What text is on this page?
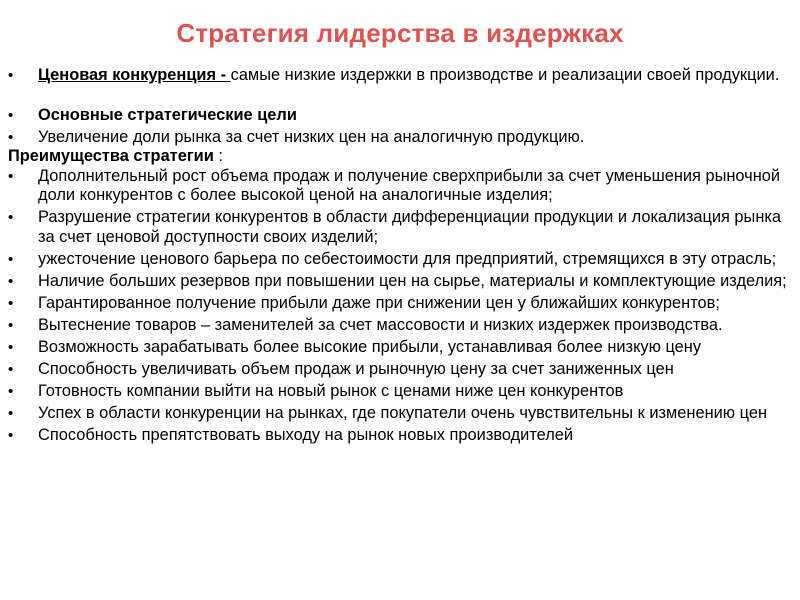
Стратегия лидерства в издержках
•	Ценовая конкуренция - самые низкие издержки в производстве и реализации своей продукции.
•	Основные стратегические цели
•	Увеличение доли рынка за счет низких цен на аналогичную продукцию.
Преимущества стратегии :
•	Дополнительный рост объема продаж и получение сверхприбыли за счет уменьшения рыночной доли конкурентов с более высокой ценой на аналогичные изделия;
•	Разрушение стратегии конкурентов в области дифференциации продукции и локализация рынка за счет ценовой доступности своих изделий;
•	ужесточение ценового барьера по себестоимости для предприятий, стремящихся в эту отрасль;
•	Наличие больших резервов при повышении цен на сырье, материалы и комплектующие изделия;
•	Гарантированное получение прибыли даже при снижении цен у ближайших конкурентов;
•	Вытеснение товаров – заменителей за счет массовости и низких издержек производства.
•	Возможность зарабатывать более высокие прибыли, устанавливая более низкую цену
•	Способность увеличивать объем продаж и рыночную цену за счет заниженных цен
•	Готовность компании выйти на новый рынок с ценами ниже цен конкурентов
•	Успех в области конкуренции на рынках, где покупатели очень чувствительны к изменению цен
•	Способность препятствовать выходу на рынок новых производителей
